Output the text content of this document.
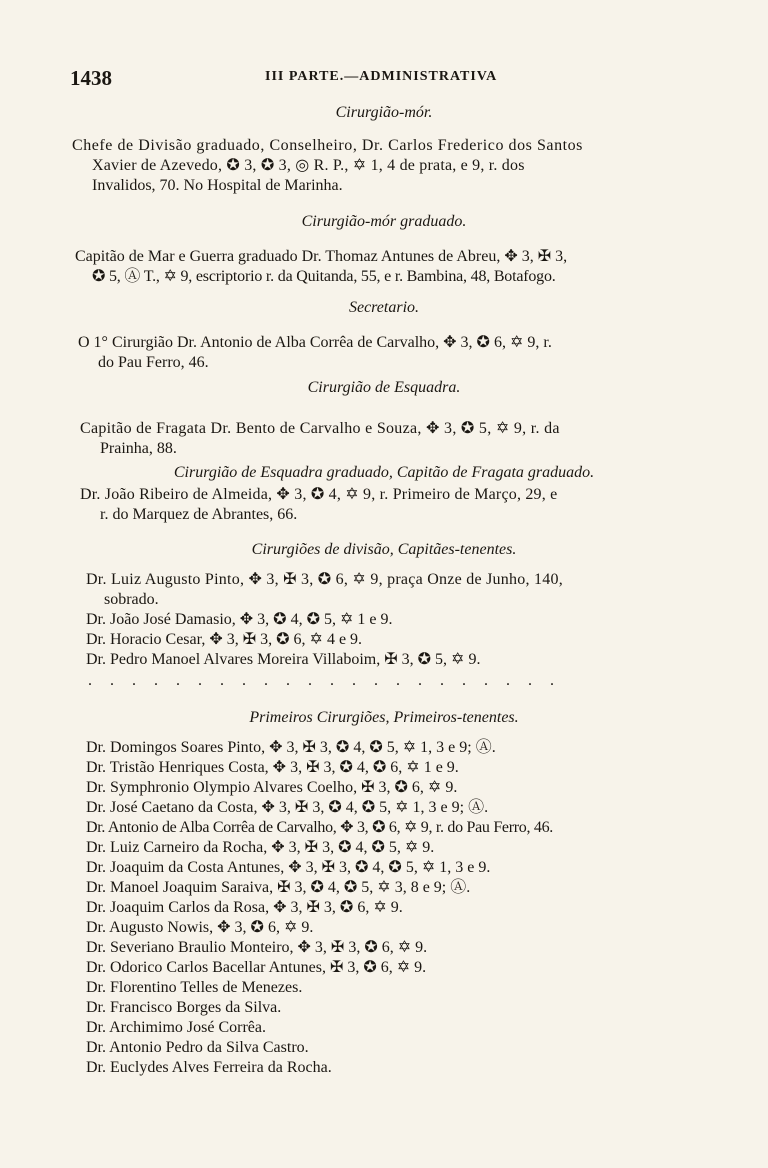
1438	III PARTE.—ADMINISTRATIVA
Cirurgião-mór.
Chefe de Divisão graduado, Conselheiro, Dr. Carlos Frederico dos Santos
Xavier de Azevedo, ✪ 3, ✪ 3, ◎ R. P., ✡ 1, 4 de prata, e 9, r. dos
Invalidos, 70. No Hospital de Marinha.
Cirurgião-mór graduado.
Capitão de Mar e Guerra graduado Dr. Thomaz Antunes de Abreu, ✥ 3, ✠ 3,
✪ 5, Ⓐ T., ✡ 9, escriptorio r. da Quitanda, 55, e r. Bambina, 48, Botafogo.
Secretario.
O 1° Cirurgião Dr. Antonio de Alba Corrêa de Carvalho, ✥ 3, ✪ 6, ✡ 9, r.
do Pau Ferro, 46.
Cirurgião de Esquadra.
Capitão de Fragata Dr. Bento de Carvalho e Souza, ✥ 3, ✪ 5, ✡ 9, r. da
Prainha, 88.
Cirurgião de Esquadra graduado, Capitão de Fragata graduado.
Dr. João Ribeiro de Almeida, ✥ 3, ✪ 4, ✡ 9, r. Primeiro de Março, 29, e
r. do Marquez de Abrantes, 66.
Cirurgiões de divisão, Capitães-tenentes.
Dr. Luiz Augusto Pinto, ✥ 3, ✠ 3, ✪ 6, ✡ 9, praça Onze de Junho, 140,
sobrado.
Dr. João José Damasio, ✥ 3, ✪ 4, ✪ 5, ✡ 1 e 9.
Dr. Horacio Cesar, ✥ 3, ✠ 3, ✪ 6, ✡ 4 e 9.
Dr. Pedro Manoel Alvares Moreira Villaboim, ✠ 3, ✪ 5, ✡ 9.
......................
Primeiros Cirurgiões, Primeiros-tenentes.
Dr. Domingos Soares Pinto, ✥ 3, ✠ 3, ✪ 4, ✪ 5, ✡ 1, 3 e 9; Ⓐ.
Dr. Tristão Henriques Costa, ✥ 3, ✠ 3, ✪ 4, ✪ 6, ✡ 1 e 9.
Dr. Symphronio Olympio Alvares Coelho, ✠ 3, ✪ 6, ✡ 9.
Dr. José Caetano da Costa, ✥ 3, ✠ 3, ✪ 4, ✪ 5, ✡ 1, 3 e 9; Ⓐ.
Dr. Antonio de Alba Corrêa de Carvalho, ✥ 3, ✪ 6, ✡ 9, r. do Pau Ferro, 46.
Dr. Luiz Carneiro da Rocha, ✥ 3, ✠ 3, ✪ 4, ✪ 5, ✡ 9.
Dr. Joaquim da Costa Antunes, ✥ 3, ✠ 3, ✪ 4, ✪ 5, ✡ 1, 3 e 9.
Dr. Manoel Joaquim Saraiva, ✠ 3, ✪ 4, ✪ 5, ✡ 3, 8 e 9; Ⓐ.
Dr. Joaquim Carlos da Rosa, ✥ 3, ✠ 3, ✪ 6, ✡ 9.
Dr. Augusto Nowis, ✥ 3, ✪ 6, ✡ 9.
Dr. Severiano Braulio Monteiro, ✥ 3, ✠ 3, ✪ 6, ✡ 9.
Dr. Odorico Carlos Bacellar Antunes, ✠ 3, ✪ 6, ✡ 9.
Dr. Florentino Telles de Menezes.
Dr. Francisco Borges da Silva.
Dr. Archimimo José Corrêa.
Dr. Antonio Pedro da Silva Castro.
Dr. Euclydes Alves Ferreira da Rocha.
